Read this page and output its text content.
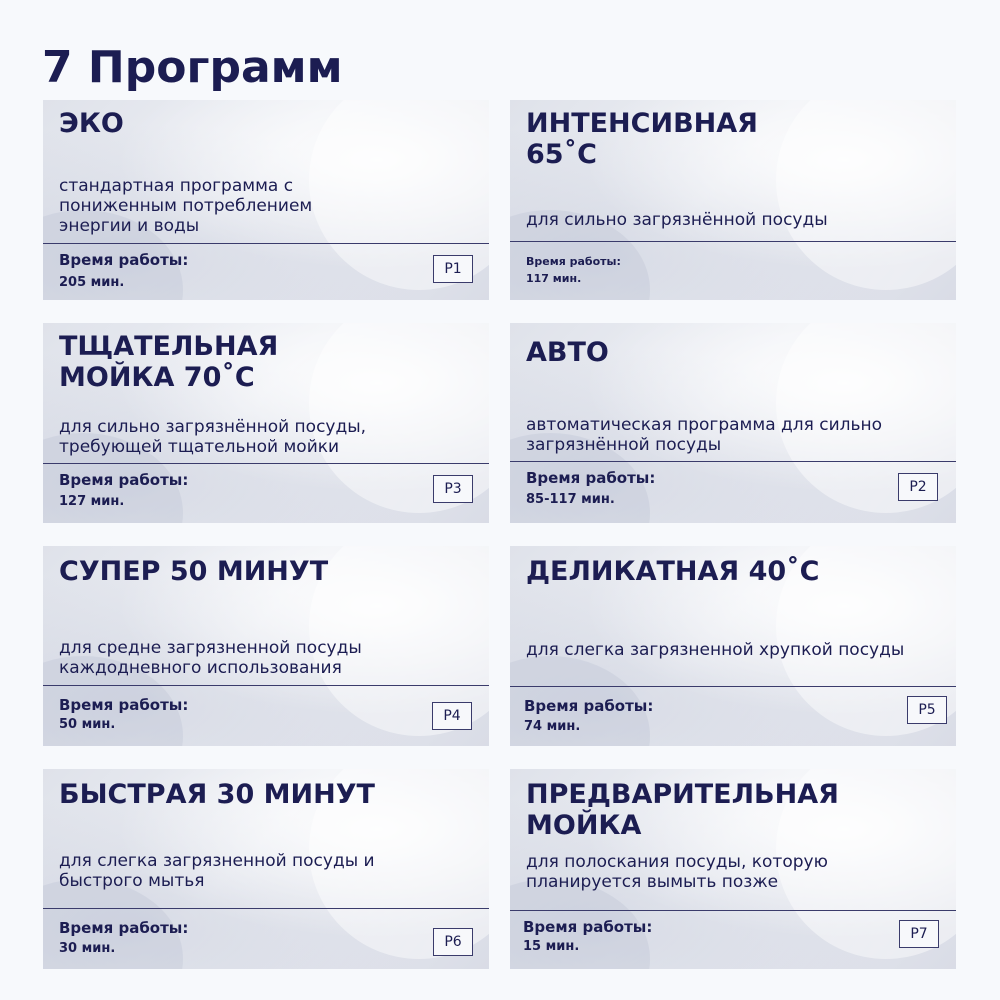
7 Программ
ЭКО
стандартная программа с пониженным потреблением энергии и воды
Время работы:
205 мин.
P1
ИНТЕНСИВНАЯ 65˚С
для сильно загрязнённой посуды
Время работы:
117 мин.
ТЩАТЕЛЬНАЯ МОЙКА 70˚С
для сильно загрязнённой посуды, требующей тщательной мойки
Время работы:
127 мин.
P3
АВТО
автоматическая программа для сильно загрязнённой посуды
Время работы:
85-117 мин.
P2
СУПЕР 50 МИНУТ
для средне загрязненной посуды каждодневного использования
Время работы:
50 мин.
P4
ДЕЛИКАТНАЯ 40˚С
для слегка загрязненной хрупкой посуды
Время работы:
74 мин.
P5
БЫСТРАЯ 30 МИНУТ
для слегка загрязненной посуды и быстрого мытья
Время работы:
30 мин.	P6
ПРЕДВАРИТЕЛЬНАЯ МОЙКА
для полоскания посуды, которую планируется вымыть позже
Время работы:
15 мин.
P7
